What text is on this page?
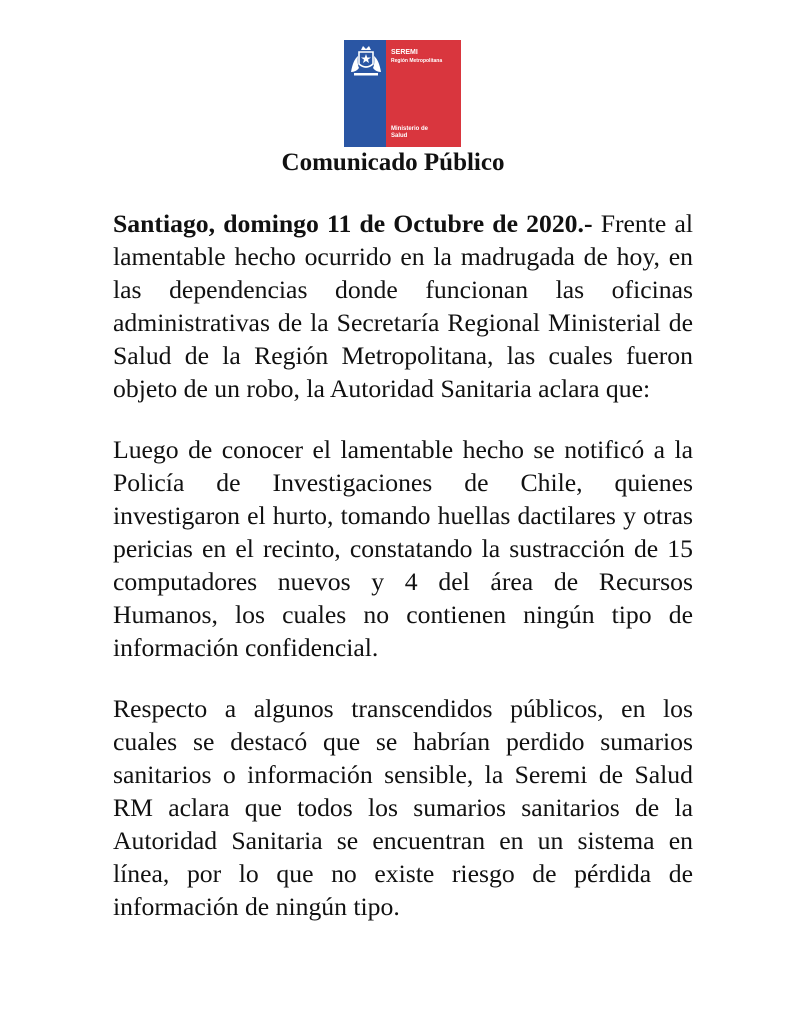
SEREMI
Región Metropolitana
Ministerio de
Salud
Comunicado Público

Santiago, domingo 11 de Octubre de 2020.- Frente al lamentable hecho ocurrido en la madrugada de hoy, en las dependencias donde funcionan las oficinas administrativas de la Secretaría Regional Ministerial de Salud de la Región Metropolitana, las cuales fueron objeto de un robo, la Autoridad Sanitaria aclara que:

Luego de conocer el lamentable hecho se notificó a la Policía de Investigaciones de Chile, quienes investigaron el hurto, tomando huellas dactilares y otras pericias en el recinto, constatando la sustracción de 15 computadores nuevos y 4 del área de Recursos Humanos, los cuales no contienen ningún tipo de información confidencial.

Respecto a algunos transcendidos públicos, en los cuales se destacó que se habrían perdido sumarios sanitarios o información sensible, la Seremi de Salud RM aclara que todos los sumarios sanitarios de la Autoridad Sanitaria se encuentran en un sistema en línea, por lo que no existe riesgo de pérdida de información de ningún tipo.
